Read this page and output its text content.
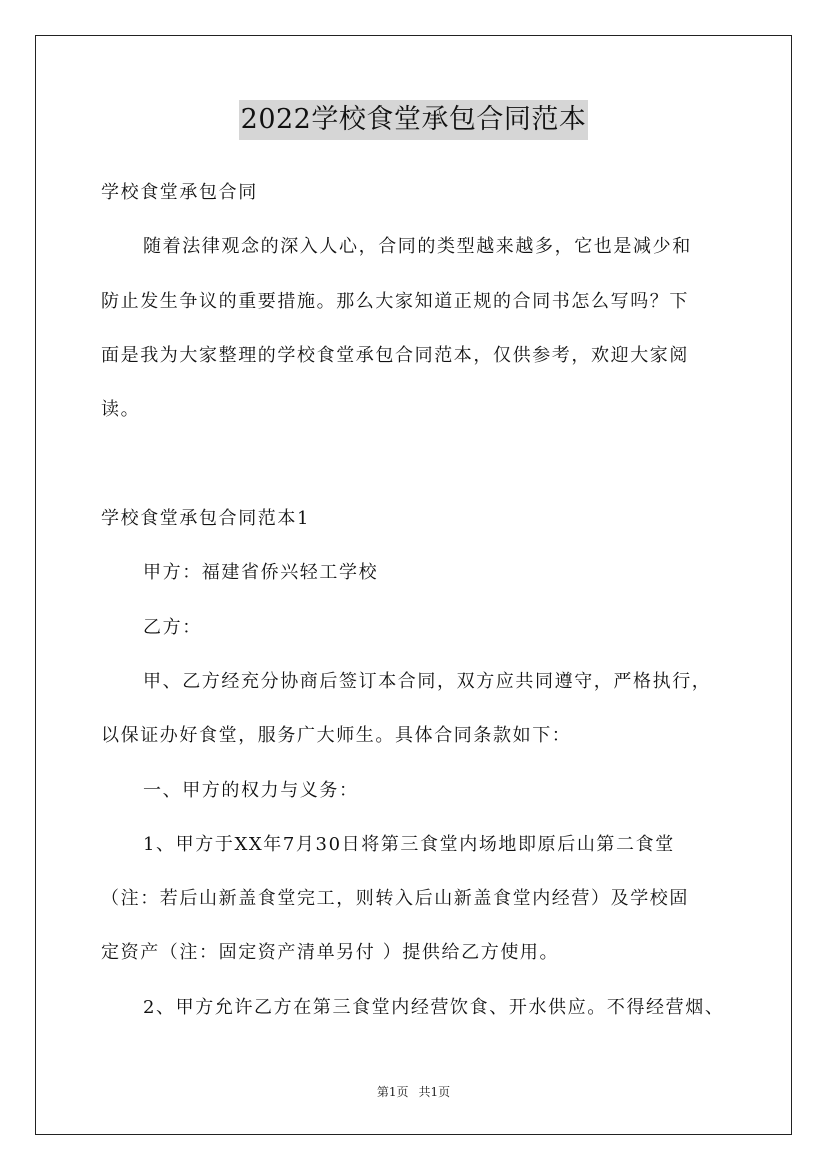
2022学校食堂承包合同范本
学校食堂承包合同
随着法律观念的深入人心，合同的类型越来越多，它也是减少和
防止发生争议的重要措施。那么大家知道正规的合同书怎么写吗？下
面是我为大家整理的学校食堂承包合同范本，仅供参考，欢迎大家阅
读。
学校食堂承包合同范本1
甲方：福建省侨兴轻工学校
乙方：
甲、乙方经充分协商后签订本合同，双方应共同遵守，严格执行，
以保证办好食堂，服务广大师生。具体合同条款如下：
一、甲方的权力与义务：
1、甲方于XX年7月30日将第三食堂内场地即原后山第二食堂
（注：若后山新盖食堂完工，则转入后山新盖食堂内经营）及学校固
定资产（注：固定资产清单另付 ）提供给乙方使用。
2、甲方允许乙方在第三食堂内经营饮食、开水供应。不得经营烟、
第1页 共1页
